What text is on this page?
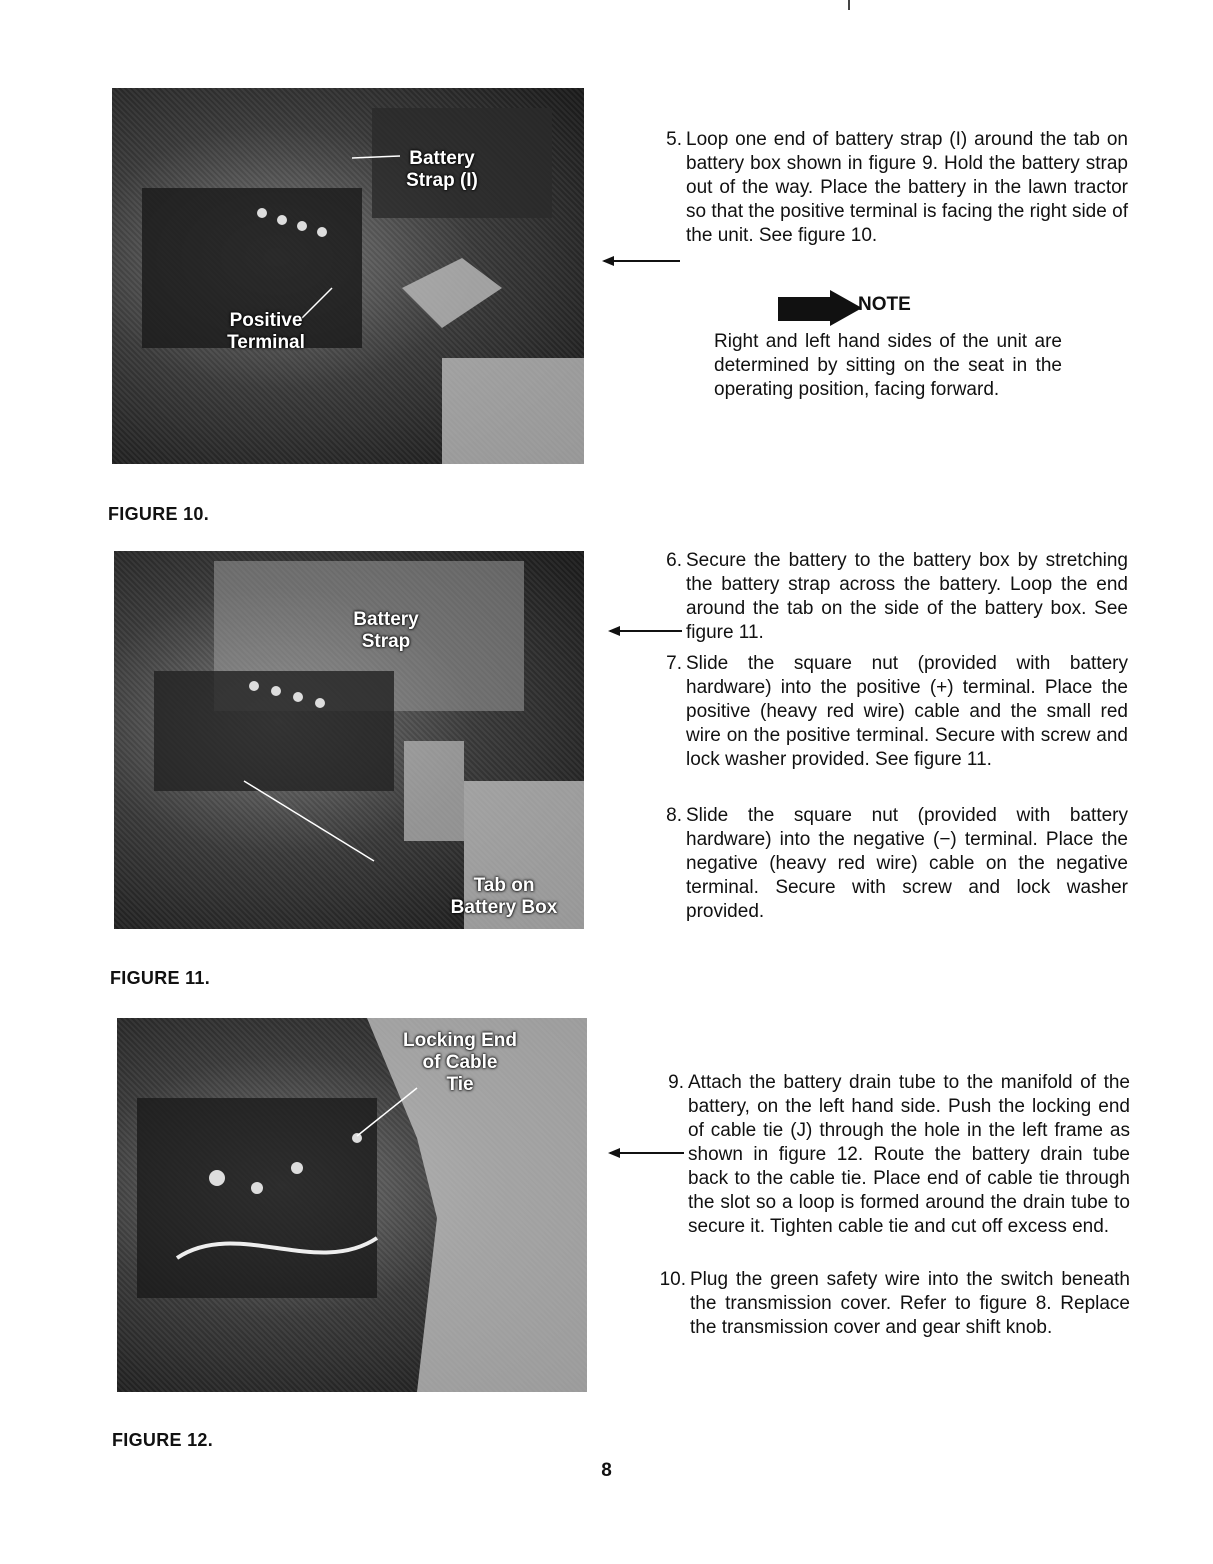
Battery
Strap (I)
Positive
Terminal
FIGURE 10.
Battery
Strap
Tab on
Battery Box
FIGURE 11.
Locking End
of Cable
Tie
FIGURE 12.
5. Loop one end of battery strap (I) around the tab on battery box shown in figure 9. Hold the battery strap out of the way. Place the battery in the lawn tractor so that the positive terminal is facing the right side of the unit. See figure 10.
NOTE
Right and left hand sides of the unit are determined by sitting on the seat in the operating position, facing forward.
6. Secure the battery to the battery box by stretching the battery strap across the battery. Loop the end around the tab on the side of the battery box. See figure 11.
7. Slide the square nut (provided with battery hardware) into the positive (+) terminal. Place the positive (heavy red wire) cable and the small red wire on the positive terminal. Secure with screw and lock washer provided. See figure 11.
8. Slide the square nut (provided with battery hardware) into the negative (−) terminal. Place the negative (heavy red wire) cable on the negative terminal. Secure with screw and lock washer provided.
9. Attach the battery drain tube to the manifold of the battery, on the left hand side. Push the locking end of cable tie (J) through the hole in the left frame as shown in figure 12. Route the battery drain tube back to the cable tie. Place end of cable tie through the slot so a loop is formed around the drain tube to secure it. Tighten cable tie and cut off excess end.
10. Plug the green safety wire into the switch beneath the transmission cover. Refer to figure 8. Replace the transmission cover and gear shift knob.
8
